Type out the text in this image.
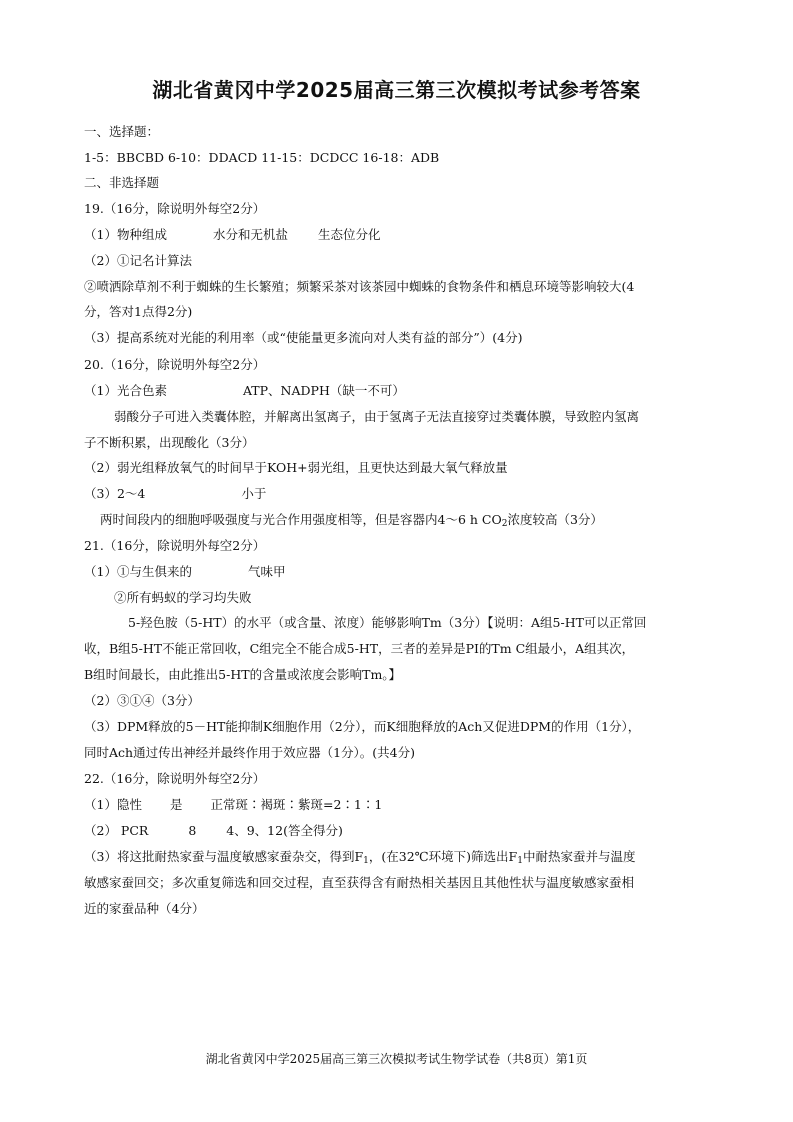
湖北省黄冈中学2025届高三第三次模拟考试参考答案
一、选择题：
1-5：BBCBD 6-10：DDACD 11-15：DCDCC 16-18：ADB
二、非选择题
19.（16分，除说明外每空2分）
（1）物种组成	水分和无机盐 生态位分化
（2）①记名计算法
②喷洒除草剂不利于蜘蛛的生长繁殖；频繁采茶对该茶园中蜘蛛的食物条件和栖息环境等影响较大(4
分，答对1点得2分)
（3）提高系统对光能的利用率（或“使能量更多流向对人类有益的部分”）(4分)
20.（16分，除说明外每空2分）
（1）光合色素	ATP、NADPH（缺一不可）
弱酸分子可进入类囊体腔，并解离出氢离子，由于氢离子无法直接穿过类囊体膜，导致腔内氢离
子不断积累，出现酸化（3分）
（2）弱光组释放氧气的时间早于KOH+弱光组，且更快达到最大氧气释放量
（3）2～4	小于
两时间段内的细胞呼吸强度与光合作用强度相等，但是容器内4～6 h $CO_2$浓度较高（3分）
21.（16分，除说明外每空2分）
（1）①与生俱来的	气味甲
②所有蚂蚁的学习均失败
5-羟色胺（5-HT）的水平（或含量、浓度）能够影响Tm（3分）【说明：A组5-HT可以正常回
收，B组5-HT不能正常回收，C组完全不能合成5-HT，三者的差异是PI的Tm C组最小，A组其次，
B组时间最长，由此推出5-HT的含量或浓度会影响Tm。】
（2）③①④（3分）
（3）DPM释放的5－HT能抑制K细胞作用（2分），而K细胞释放的Ach又促进DPM的作用（1分），
同时Ach通过传出神经并最终作用于效应器（1分）。(共4分)
22.（16分，除说明外每空2分）
（1）隐性 是 正常斑∶褐斑∶紫斑=2∶1∶1
（2） PCR	8 4、9、12(答全得分)
（3）将这批耐热家蚕与温度敏感家蚕杂交，得到$F_1$，(在32℃环境下)筛选出$F_1$中耐热家蚕并与温度
敏感家蚕回交；多次重复筛选和回交过程，直至获得含有耐热相关基因且其他性状与温度敏感家蚕相
近的家蚕品种（4分）
湖北省黄冈中学2025届高三第三次模拟考试生物学试卷（共8页）第1页
